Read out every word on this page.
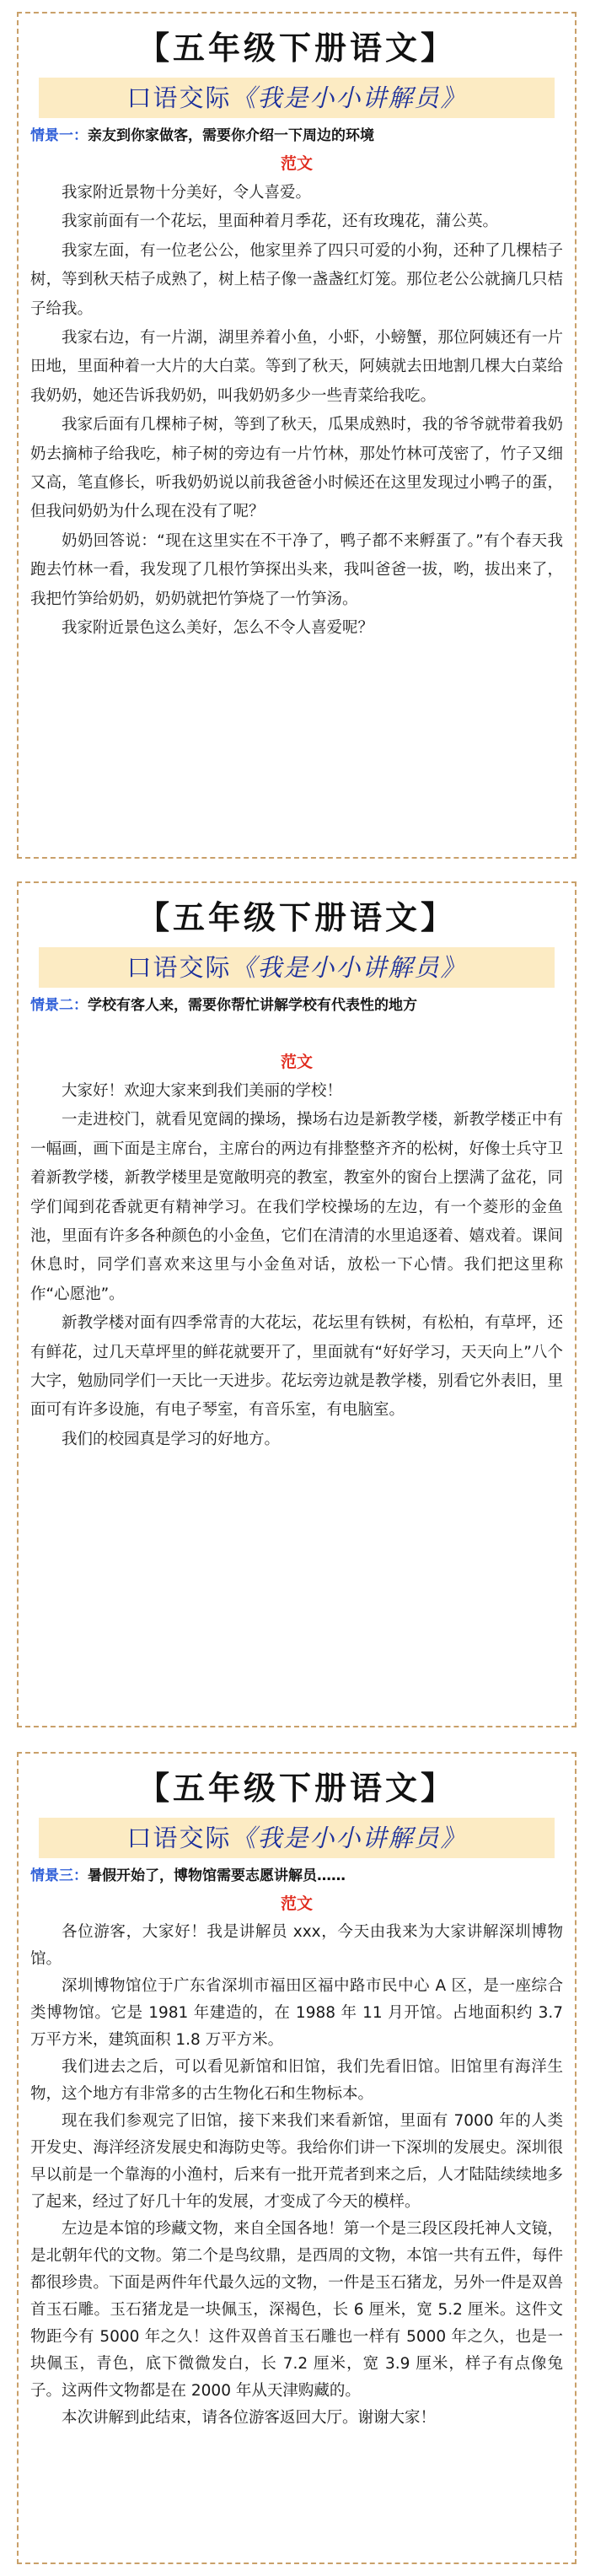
【五年级下册语文】
口语交际《我是小小讲解员》
情景一：亲友到你家做客，需要你介绍一下周边的环境
范文

我家附近景物十分美好，令人喜爱。

我家前面有一个花坛，里面种着月季花，还有玫瑰花，蒲公英。

我家左面，有一位老公公，他家里养了四只可爱的小狗，还种了几棵桔子树，等到秋天桔子成熟了，树上桔子像一盏盏红灯笼。那位老公公就摘几只桔子给我。

我家右边，有一片湖，湖里养着小鱼，小虾，小螃蟹，那位阿姨还有一片田地，里面种着一大片的大白菜。等到了秋天，阿姨就去田地割几棵大白菜给我奶奶，她还告诉我奶奶，叫我奶奶多少一些青菜给我吃。

我家后面有几棵柿子树，等到了秋天，瓜果成熟时，我的爷爷就带着我奶奶去摘柿子给我吃，柿子树的旁边有一片竹林，那处竹林可茂密了，竹子又细又高，笔直修长，听我奶奶说以前我爸爸小时候还在这里发现过小鸭子的蛋，但我问奶奶为什么现在没有了呢？

奶奶回答说：“现在这里实在不干净了，鸭子都不来孵蛋了。”有个春天我跑去竹林一看，我发现了几根竹笋探出头来，我叫爸爸一拔，哟，拔出来了，我把竹笋给奶奶，奶奶就把竹笋烧了一竹笋汤。

我家附近景色这么美好，怎么不令人喜爱呢？

【五年级下册语文】
口语交际《我是小小讲解员》
情景二：学校有客人来，需要你帮忙讲解学校有代表性的地方
范文

大家好！欢迎大家来到我们美丽的学校！

一走进校门，就看见宽阔的操场，操场右边是新教学楼，新教学楼正中有一幅画，画下面是主席台，主席台的两边有排整整齐齐的松树，好像士兵守卫着新教学楼，新教学楼里是宽敞明亮的教室，教室外的窗台上摆满了盆花，同学们闻到花香就更有精神学习。在我们学校操场的左边，有一个菱形的金鱼池，里面有许多各种颜色的小金鱼，它们在清清的水里追逐着、嬉戏着。课间休息时，同学们喜欢来这里与小金鱼对话，放松一下心情。我们把这里称作“心愿池”。

新教学楼对面有四季常青的大花坛，花坛里有铁树，有松柏，有草坪，还有鲜花，过几天草坪里的鲜花就要开了，里面就有“好好学习，天天向上”八个大字，勉励同学们一天比一天进步。花坛旁边就是教学楼，别看它外表旧，里面可有许多设施，有电子琴室，有音乐室，有电脑室。

我们的校园真是学习的好地方。

【五年级下册语文】
口语交际《我是小小讲解员》
情景三：暑假开始了，博物馆需要志愿讲解员……
范文

各位游客，大家好！我是讲解员 xxx，今天由我来为大家讲解深圳博物馆。

深圳博物馆位于广东省深圳市福田区福中路市民中心 A 区，是一座综合类博物馆。它是 1981 年建造的，在 1988 年 11 月开馆。占地面积约 3.7 万平方米，建筑面积 1.8 万平方米。

我们进去之后，可以看见新馆和旧馆，我们先看旧馆。旧馆里有海洋生物，这个地方有非常多的古生物化石和生物标本。

现在我们参观完了旧馆，接下来我们来看新馆，里面有 7000 年的人类开发史、海洋经济发展史和海防史等。我给你们讲一下深圳的发展史。深圳很早以前是一个靠海的小渔村，后来有一批开荒者到来之后，人才陆陆续续地多了起来，经过了好几十年的发展，才变成了今天的模样。

左边是本馆的珍藏文物，来自全国各地！第一个是三段区段托神人文镜，是北朝年代的文物。第二个是鸟纹鼎，是西周的文物，本馆一共有五件，每件都很珍贵。下面是两件年代最久远的文物，一件是玉石猪龙，另外一件是双兽首玉石雕。玉石猪龙是一块佩玉，深褐色，长 6 厘米，宽 5.2 厘米。这件文物距今有 5000 年之久！这件双兽首玉石雕也一样有 5000 年之久，也是一块佩玉，青色，底下微微发白，长 7.2 厘米，宽 3.9 厘米，样子有点像兔子。这两件文物都是在 2000 年从天津购藏的。

本次讲解到此结束，请各位游客返回大厅。谢谢大家！
